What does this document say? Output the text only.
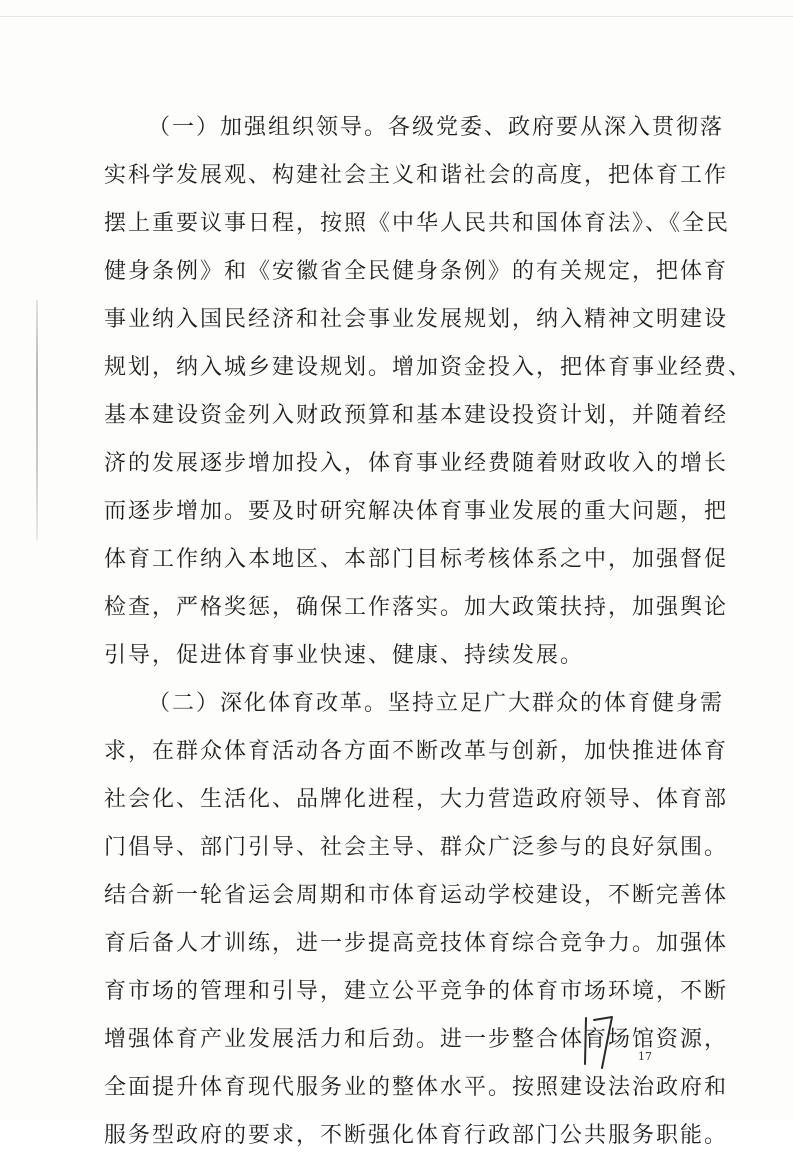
（一）加强组织领导。各级党委、政府要从深入贯彻落
实科学发展观、构建社会主义和谐社会的高度，把体育工作
摆上重要议事日程，按照《中华人民共和国体育法》、《全民
健身条例》和《安徽省全民健身条例》的有关规定，把体育
事业纳入国民经济和社会事业发展规划，纳入精神文明建设
规划，纳入城乡建设规划。增加资金投入，把体育事业经费、
基本建设资金列入财政预算和基本建设投资计划，并随着经
济的发展逐步增加投入，体育事业经费随着财政收入的增长
而逐步增加。要及时研究解决体育事业发展的重大问题，把
体育工作纳入本地区、本部门目标考核体系之中，加强督促
检查，严格奖惩，确保工作落实。加大政策扶持，加强舆论
引导，促进体育事业快速、健康、持续发展。
（二）深化体育改革。坚持立足广大群众的体育健身需
求，在群众体育活动各方面不断改革与创新，加快推进体育
社会化、生活化、品牌化进程，大力营造政府领导、体育部
门倡导、部门引导、社会主导、群众广泛参与的良好氛围。
结合新一轮省运会周期和市体育运动学校建设，不断完善体
育后备人才训练，进一步提高竞技体育综合竞争力。加强体
育市场的管理和引导，建立公平竞争的体育市场环境，不断
增强体育产业发展活力和后劲。进一步整合体育场馆资源，
全面提升体育现代服务业的整体水平。按照建设法治政府和
服务型政府的要求，不断强化体育行政部门公共服务职能。
17
